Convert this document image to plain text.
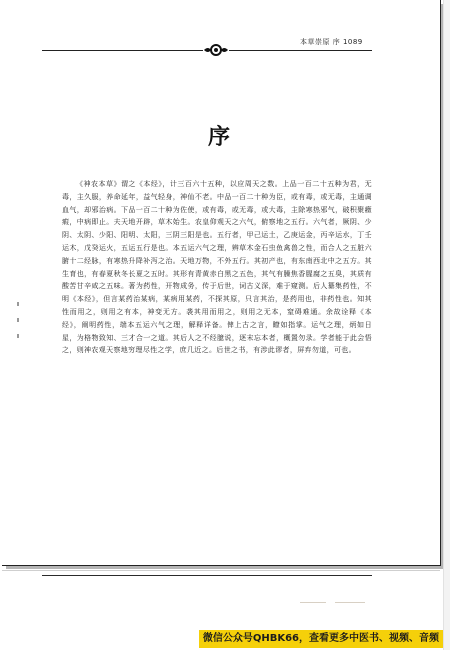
本草崇原 序 1089
序

《神农本草》谓之《本经》，计三百六十五种，以应周天之数。上品一百二十五种为君，无毒，主久服，养命延年，益气轻身，神仙不老。中品一百二十种为臣，或有毒，或无毒，主通调血气，却邪治病。下品一百二十种为佐使，或有毒，或无毒，或大毒，主除寒热邪气，破积聚癥瘕，中病即止。夫天地开辟，草木始生。农皇仰观天之六气，俯察地之五行。六气者，厥阴、少阴、太阴、少阳、阳明、太阳，三阴三阳是也。五行者，甲己运土，乙庚运金，丙辛运水，丁壬运木，戊癸运火，五运五行是也。本五运六气之理，辨草木金石虫鱼禽兽之性，而合人之五脏六腑十二经脉，有寒热升降补泻之治。天地万物，不外五行。其初产也，有东南西北中之五方。其生育也，有春夏秋冬长夏之五时。其形有青黄赤白黑之五色，其气有臊焦香腥腐之五臭，其质有酸苦甘辛咸之五味。著为药性，开物成务，传于后世，词古义深，难于窥测。后人纂集药性，不明《本经》，但言某药治某病，某病用某药，不探其原，只言其治，是药用也，非药性也。知其性而用之，则用之有本，神变无方。袭其用而用之，则用之无本，窒碍难通。余故诠释《本经》，阐明药性，端本五运六气之理，解释详备。俾上古之言，瞭如指掌。运气之理，炳如日星，为格物致知、三才合一之道。其后人之不经臆说，逐末忘本者，概置勿录。学者能于此会悟之，则神农观天察地穷理尽性之学，庶几近之。后世之书，有涉此谬者，屏弃勿道，可也。

微信公众号QHBK66，查看更多中医书、视频、音频
